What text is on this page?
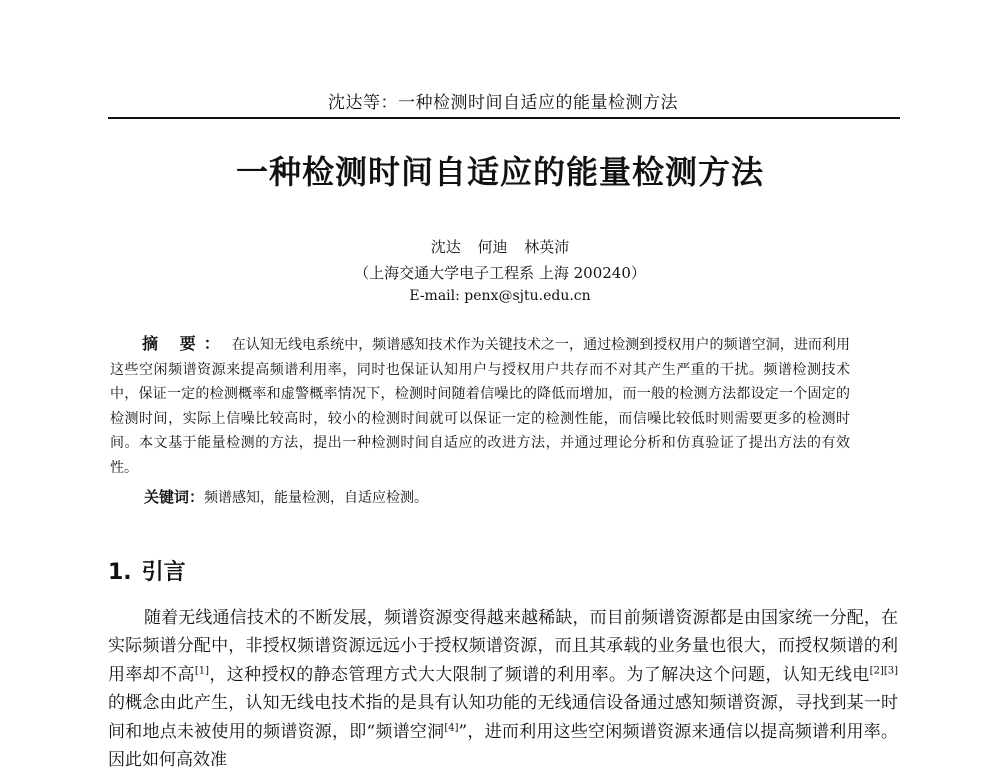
沈达等：一种检测时间自适应的能量检测方法
一种检测时间自适应的能量检测方法
沈达 何迪 林英沛
（上海交通大学电子工程系 上海 200240）
E-mail: penx@sjtu.edu.cn
摘 要： 在认知无线电系统中，频谱感知技术作为关键技术之一，通过检测到授权用户的频谱空洞，进而利用这些空闲频谱资源来提高频谱利用率，同时也保证认知用户与授权用户共存而不对其产生严重的干扰。频谱检测技术中，保证一定的检测概率和虚警概率情况下，检测时间随着信噪比的降低而增加，而一般的检测方法都设定一个固定的检测时间，实际上信噪比较高时，较小的检测时间就可以保证一定的检测性能，而信噪比较低时则需要更多的检测时间。本文基于能量检测的方法，提出一种检测时间自适应的改进方法，并通过理论分析和仿真验证了提出方法的有效性。
关键词：频谱感知，能量检测，自适应检测。
1. 引言
随着无线通信技术的不断发展，频谱资源变得越来越稀缺，而目前频谱资源都是由国家统一分配，在实际频谱分配中，非授权频谱资源远远小于授权频谱资源，而且其承载的业务量也很大，而授权频谱的利用率却不高[1]，这种授权的静态管理方式大大限制了频谱的利用率。为了解决这个问题，认知无线电[2][3]的概念由此产生，认知无线电技术指的是具有认知功能的无线通信设备通过感知频谱资源，寻找到某一时间和地点未被使用的频谱资源，即“频谱空洞[4]”，进而利用这些空闲频谱资源来通信以提高频谱利用率。因此如何高效准
